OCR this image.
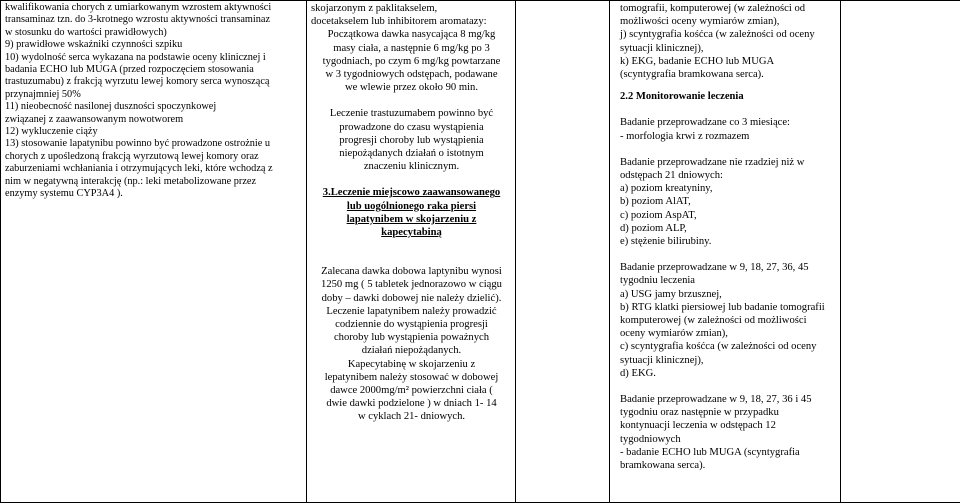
kwalifikowania chorych z umiarkowanym wzrostem aktywności
transaminaz tzn. do 3-krotnego wzrostu aktywności transaminaz
w stosunku do wartości prawidłowych)
9) prawidłowe wskaźniki czynności szpiku
10) wydolność serca wykazana na podstawie oceny klinicznej i
badania ECHO lub MUGA (przed rozpoczęciem stosowania
trastuzumabu) z frakcją wyrzutu lewej komory serca wynoszącą
przynajmniej 50%
11) nieobecność nasilonej duszności spoczynkowej
związanej z zaawansowanym nowotworem
12) wykluczenie ciąży
13) stosowanie lapatynibu powinno być prowadzone ostrożnie u
chorych z upośledzoną frakcją wyrzutową lewej komory oraz
zaburzeniami wchłaniania i otrzymujących leki, które wchodzą z
nim w negatywną interakcję (np.: leki metabolizowane przez
enzymy systemu CYP3A4 ).

skojarzonym z paklitakselem,
docetakselem lub inhibitorem aromatazy:
Początkowa dawka nasycająca 8 mg/kg
masy ciała, a następnie 6 mg/kg po 3
tygodniach, po czym 6 mg/kg powtarzane
w 3 tygodniowych odstępach, podawane
we wlewie przez około 90 min.
Leczenie trastuzumabem powinno być
prowadzone do czasu wystąpienia
progresji choroby lub wystąpienia
niepożądanych działań o istotnym
znaczeniu klinicznym.
3.Leczenie miejscowo zaawansowanego
lub uogólnionego raka piersi
lapatynibem w skojarzeniu z
kapecytabiną
Zalecana dawka dobowa laptynibu wynosi
1250 mg ( 5 tabletek jednorazowo w ciągu
doby – dawki dobowej nie należy dzielić).
Leczenie lapatynibem należy prowadzić
codziennie do wystąpienia progresji
choroby lub wystąpienia poważnych
działań niepożądanych.
Kapecytabinę w skojarzeniu z
lepatynibem należy stosować w dobowej
dawce 2000mg/m² powierzchni ciała (
dwie dawki podzielone ) w dniach 1- 14
w cyklach 21- dniowych.

tomografii, komputerowej (w zależności od
możliwości oceny wymiarów zmian),
j) scyntygrafia kośćca (w zależności od oceny
sytuacji klinicznej),
k) EKG, badanie ECHO lub MUGA
(scyntygrafia bramkowana serca).
2.2 Monitorowanie leczenia
Badanie przeprowadzane co 3 miesiące:
- morfologia krwi z rozmazem
Badanie przeprowadzane nie rzadziej niż w
odstępach 21 dniowych:
a) poziom kreatyniny,
b) poziom AlAT,
c) poziom AspAT,
d) poziom ALP,
e) stężenie bilirubiny.
Badanie przeprowadzane w 9, 18, 27, 36, 45
tygodniu leczenia
a) USG jamy brzusznej,
b) RTG klatki piersiowej lub badanie tomografii
komputerowej (w zależności od możliwości
oceny wymiarów zmian),
c) scyntygrafia kośćca (w zależności od oceny
sytuacji klinicznej),
d) EKG.
Badanie przeprowadzane w 9, 18, 27, 36 i 45
tygodniu oraz następnie w przypadku
kontynuacji leczenia w odstępach 12
tygodniowych
- badanie ECHO lub MUGA (scyntygrafia
bramkowana serca).
